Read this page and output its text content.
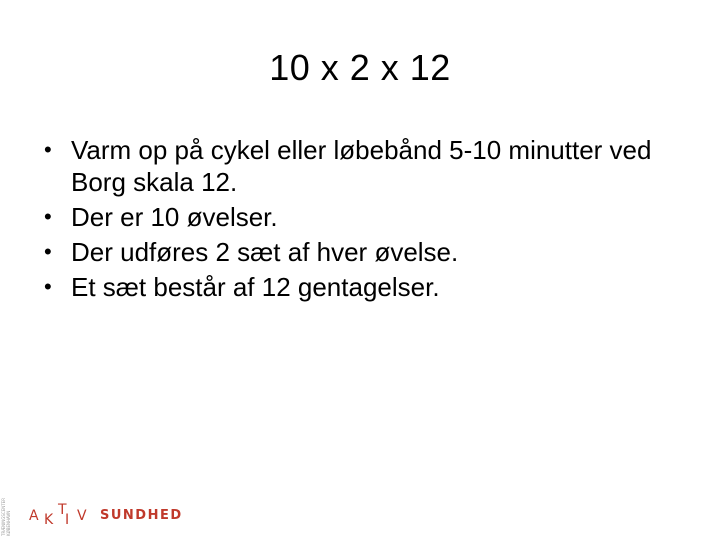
10 x 2 x 12
• Varm op på cykel eller løbebånd 5-10 minutter ved Borg skala 12.
• Der er 10 øvelser.
• Der udføres 2 sæt af hver øvelse.
• Et sæt består af 12 gentagelser.
TRÆNINGSCENTER KØBENHAVN A K
T
I V SUNDHED
